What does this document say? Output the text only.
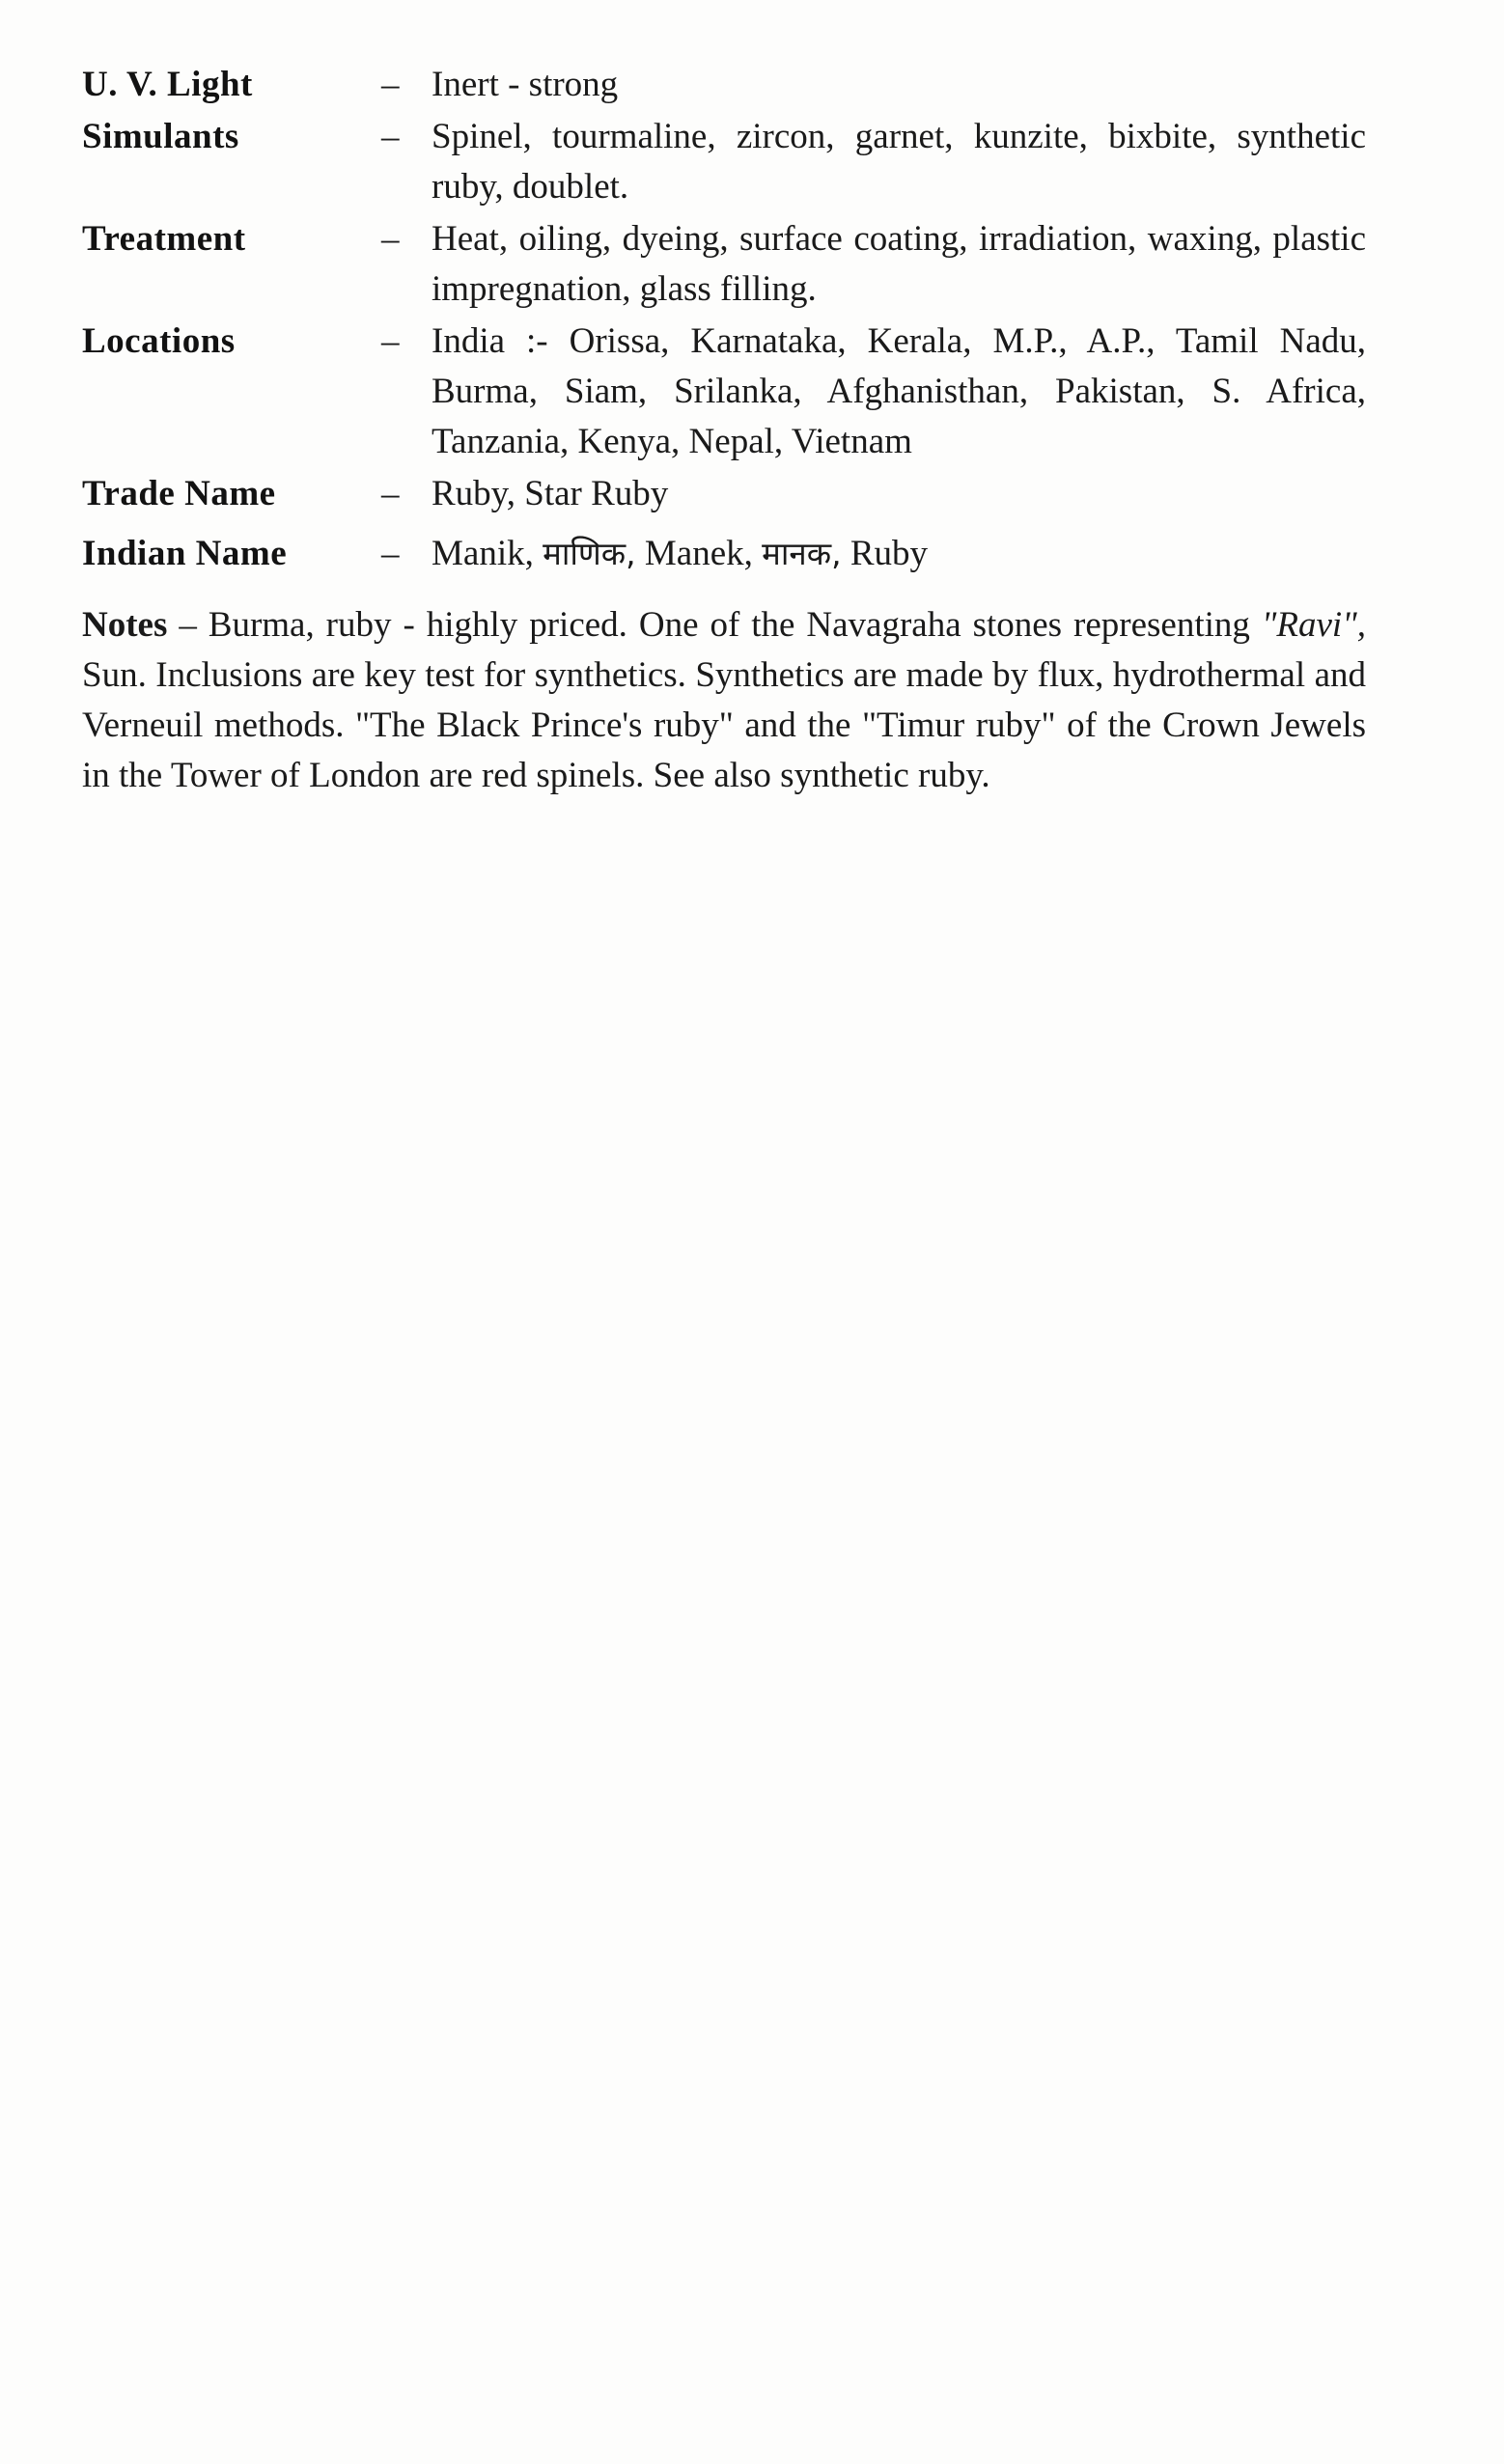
U. V. Light	– Inert - strong
Simulants	– Spinel, tourmaline, zircon, garnet, kunzite, bixbite, synthetic ruby, doublet.
Treatment	– Heat, oiling, dyeing, surface coating, irradiation, waxing, plastic impregnation, glass filling.
Locations	– India :- Orissa, Karnataka, Kerala, M.P., A.P., Tamil Nadu, Burma, Siam, Srilanka, Afghanisthan, Pakistan, S. Africa, Tanzania, Kenya, Nepal, Vietnam
Trade Name	– Ruby, Star Ruby
Indian Name	– Manik, माणिक, Manek, मानक, Ruby
Notes – Burma, ruby - highly priced. One of the Navagraha stones representing "Ravi", Sun. Inclusions are key test for synthetics. Synthetics are made by flux, hydrothermal and Verneuil methods. "The Black Prince's ruby" and the "Timur ruby" of the Crown Jewels in the Tower of London are red spinels. See also synthetic ruby.
